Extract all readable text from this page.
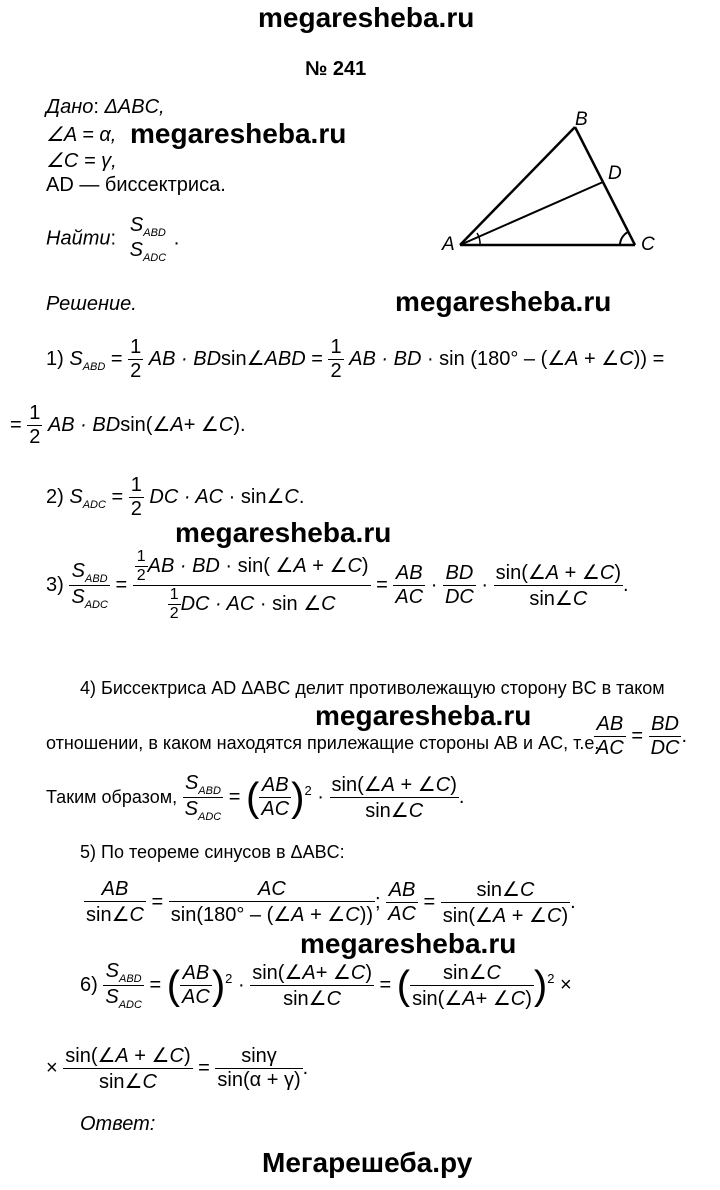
megaresheba.ru
megaresheba.ru
megaresheba.ru
megaresheba.ru
megaresheba.ru
megaresheba.ru
Мегарешеба.ру
№ 241
Дано: ΔABC,
∠A = α,
∠C = γ,
AD — биссектриса.
Найти:
$S_{ABD}$
$S_{ADC}$
.	A
B
C
D
Решение.
1) $S_{ABD} = \frac{1}{2}$ AB · BDsin∠ABD = $\frac{1}{2}$ AB · BD · sin (180° – (∠A + ∠C)) =
= $\frac{1}{2}$ AB · BDsin(∠A+ ∠C).
2) $S_{ADC} = \frac{1}{2}$ DC · AC · sin∠C.
$3) \frac{S_{ABD}}{S_{ADC}} = \frac{\frac{1}{2} AB \cdot BD \cdot \sin( \angle A + \angle C)}{\frac{1}{2} DC \cdot AC \cdot \sin \angle C} = \frac{AB}{AC} \cdot \frac{BD}{DC} \cdot \frac{\sin(\angle A + \angle C)}{\sin\angle C}$ .
4) Биссектриса AD ΔABC делит противолежащую сторону BC в таком
отношении, в каком находятся прилежащие стороны AB и AC, т.е.
$\frac{AB}{AC} = \frac{BD}{DC}$ .
Таким образом, $\frac{S_{ABD}}{S_{ADC}}$ = ( $\frac{AB}{AC} )^2 \cdot \frac{\sin(\angle A + \angle C)}{\sin\angle C}$ .
5) По теореме синусов в ΔABC:
$\frac{AB}{\sin\angle C} = \frac{AC}{\sin(180^\circ - (\angle A + \angle C))}$ ; $\frac{AB}{AC} = \frac{\sin\angle C}{\sin(\angle A + \angle C)}$ .
$6) \frac{S_{ABD}}{S_{ADC}}$ = ( $\frac{AB}{AC} )^2 \cdot \frac{\sin(\angle A+ \angle C)}{\sin\angle C}$ = ( $\frac{\sin\angle C}{\sin(\angle A+ \angle C)} )^2$ ×
× $\frac{\sin(\angle A + \angle C)}{\sin\angle C} = \frac{\sin\gamma}{\sin(\alpha + \gamma)}$ .
Ответ:
